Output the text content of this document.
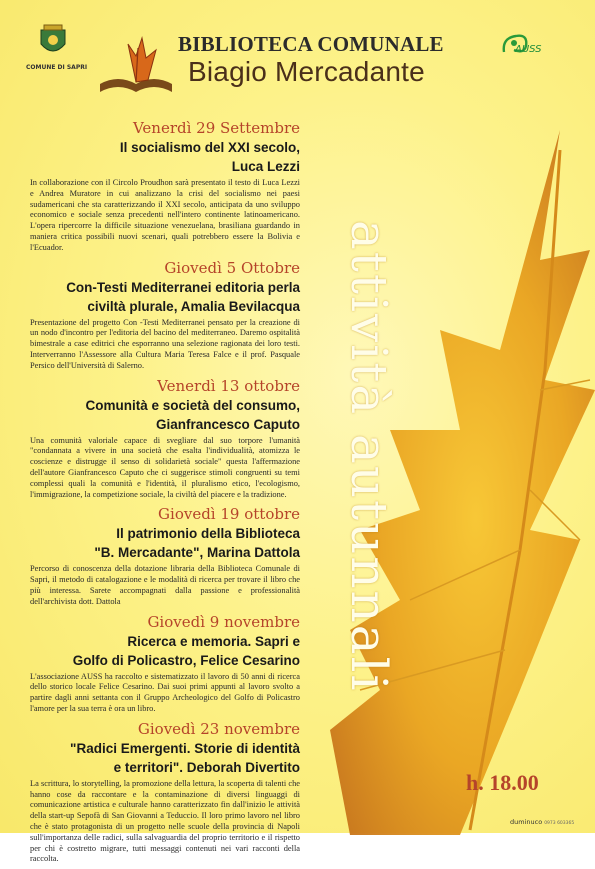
attività autunnali
COMUNE DI SAPRI
BIBLIOTECA COMUNALE
Biagio Mercadante
AUSS
Venerdì 29 Settembre
Il socialismo del XXI secolo,
Luca Lezzi
In collaborazione con il Circolo Proudhon sarà presentato il testo di Luca Lezzi e Andrea Muratore in cui analizzano la crisi del socialismo nei paesi sudamericani che sta caratterizzando il XXI secolo, anticipata da uno sviluppo economico e sociale senza precedenti nell'intero continente latinoamericano. L'opera ripercorre la difficile situazione venezuelana, brasiliana guardando in maniera critica possibili nuovi scenari, quali potrebbero essere la Bolivia e l'Ecuador.
Giovedì 5 Ottobre
Con-Testi Mediterranei editoria perla
civiltà plurale, Amalia Bevilacqua
Presentazione del progetto Con -Testi Mediterranei pensato per la creazione di un nodo d'incontro per l'editoria del bacino del mediterraneo. Daremo ospitalità bimestrale a case editrici che esporranno una selezione ragionata dei loro testi. Interverranno l'Assessore alla Cultura Maria Teresa Falce e il prof. Pasquale Persico dell'Università di Salerno.
Venerdì 13 ottobre
Comunità e società del consumo,
Gianfrancesco Caputo
Una comunità valoriale capace di svegliare dal suo torpore l'umanità "condannata a vivere in una società che esalta l'individualità, atomizza le coscienze e distrugge il senso di solidarietà sociale" questa l'affermazione dell'autore Gianfrancesco Caputo che ci suggerisce stimoli congruenti su temi complessi quali la comunità e l'identità, il pluralismo etico, l'ecologismo, l'immigrazione, la competizione sociale, la civiltà del piacere e la tradizione.
Giovedì 19 ottobre
Il patrimonio della Biblioteca
"B. Mercadante", Marina Dattola
Percorso di conoscenza della dotazione libraria della Biblioteca Comunale di Sapri, il metodo di catalogazione e le modalità di ricerca per trovare il libro che più interessa. Sarete accompagnati dalla passione e professionalità dell'archivista dott. Dattola
Giovedì 9 novembre
Ricerca e memoria. Sapri e
Golfo di Policastro, Felice Cesarino
L'associazione AUSS ha raccolto e sistematizzato il lavoro di 50 anni di ricerca dello storico locale Felice Cesarino. Dai suoi primi appunti al lavoro svolto a partire dagli anni settanta con il Gruppo Archeologico del Golfo di Policastro l'amore per la sua terra è ora un libro.
Giovedì 23 novembre
"Radici Emergenti. Storie di identità
e territori". Deborah Divertito
La scrittura, lo storytelling, la promozione della lettura, la scoperta di talenti che hanno cose da raccontare e la contaminazione di diversi linguaggi di comunicazione artistica e culturale hanno caratterizzato fin dall'inizio le attività della start-up Sepofà di San Giovanni a Teduccio. Il loro primo lavoro nel libro che è stato protagonista di un progetto nelle scuole della provincia di Napoli sull'importanza delle radici, sulla salvaguardia del proprio territorio e il rispetto per chi è costretto migrare, tutti messaggi contenuti nei vari racconti della raccolta.
h. 18.00
duminuco 0973 603365
